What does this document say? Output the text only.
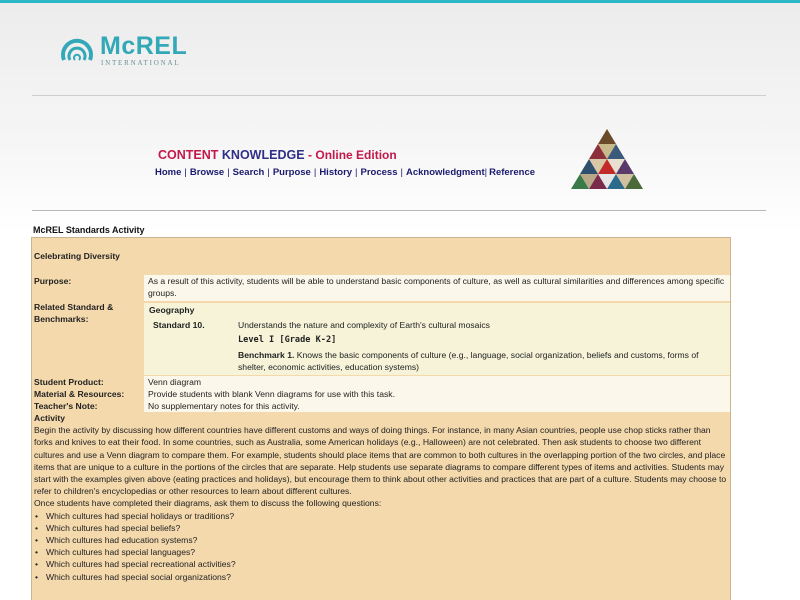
McREL
INTERNATIONAL
CONTENT KNOWLEDGE - Online Edition
Home | Browse | Search | Purpose | History | Process | Acknowledgment| Reference
McREL Standards Activity
Celebrating Diversity
Purpose:	As a result of this activity, students will be able to understand basic components of culture, as well as cultural similarities and differences among specific groups.
Related Standard &
Benchmarks:
Geography
Standard 10.	Understands the nature and complexity of Earth's cultural mosaics
Level I [Grade K-2]
Benchmark 1. Knows the basic components of culture (e.g., language, social organization, beliefs and customs, forms of shelter, economic activities, education systems)
Student Product:	Venn diagram
Material & Resources:	Provide students with blank Venn diagrams for use with this task.
Teacher's Note:	No supplementary notes for this activity.
Activity
Begin the activity by discussing how different countries have different customs and ways of doing things. For instance, in many Asian countries, people use chop sticks rather than forks and knives to eat their food. In some countries, such as Australia, some American holidays (e.g., Halloween) are not celebrated. Then ask students to choose two different cultures and use a Venn diagram to compare them. For example, students should place items that are common to both cultures in the overlapping portion of the two circles, and place items that are unique to a culture in the portions of the circles that are separate. Help students use separate diagrams to compare different types of items and activities. Students may start with the examples given above (eating practices and holidays), but encourage them to think about other activities and practices that are part of a culture. Students may choose to refer to children's encyclopedias or other resources to learn about different cultures.
Once students have completed their diagrams, ask them to discuss the following questions:
• Which cultures had special holidays or traditions?
• Which cultures had special beliefs?
• Which cultures had education systems?
• Which cultures had special languages?
• Which cultures had special recreational activities?
• Which cultures had special social organizations?
